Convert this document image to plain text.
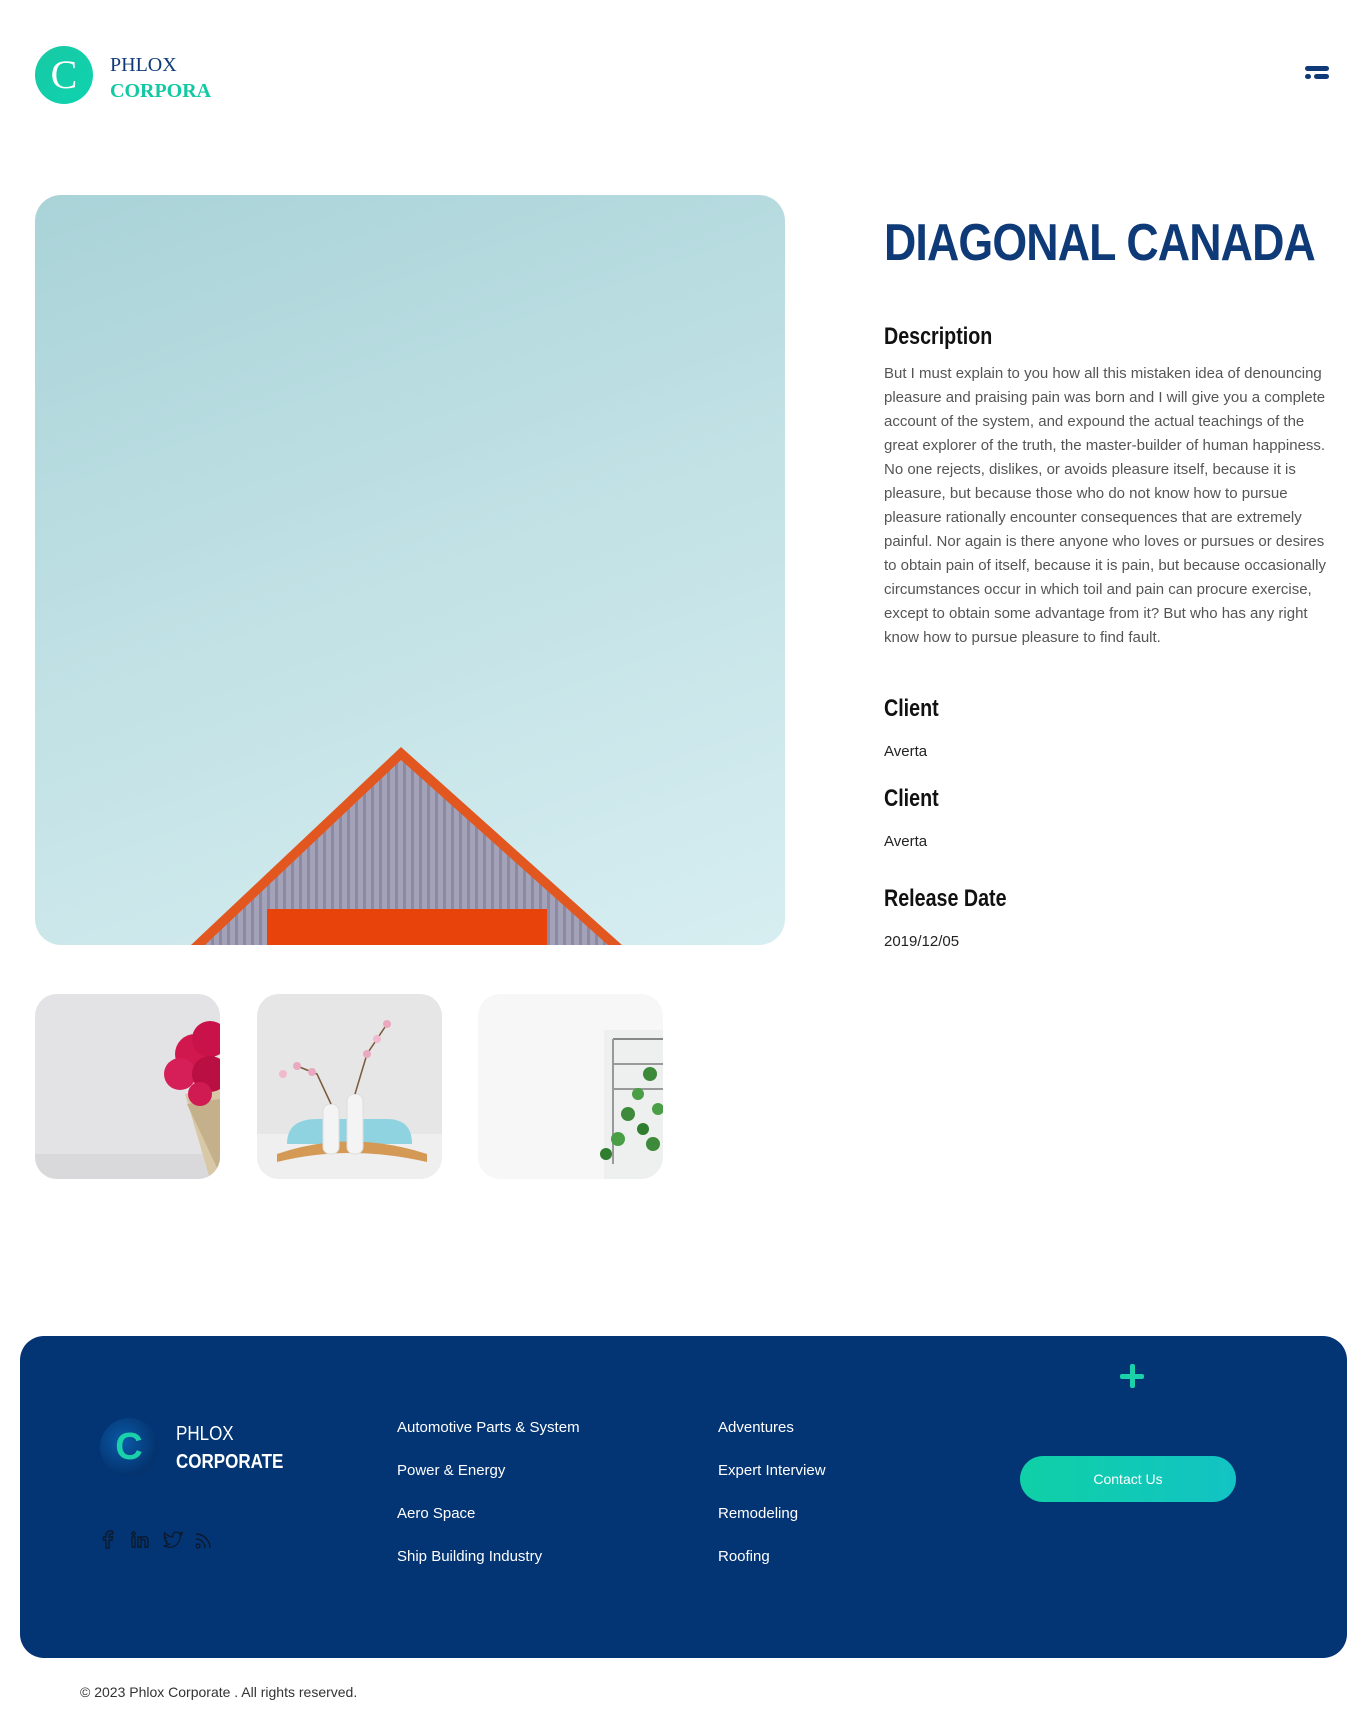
C	PHLOX
CORPORA
DIAGONAL CANADA
Description

But I must explain to you how all this mistaken idea of denouncing pleasure and praising pain was born and I will give you a complete account of the system, and expound the actual teachings of the great explorer of the truth, the master-builder of human happiness. No one rejects, dislikes, or avoids pleasure itself, because it is pleasure, but because those who do not know how to pursue pleasure rationally encounter consequences that are extremely painful. Nor again is there anyone who loves or pursues or desires to obtain pain of itself, because it is pain, but because occasionally circumstances occur in which toil and pain can procure exercise, except to obtain some advantage from it? But who has any right know how to pursue pleasure to find fault.

Client
Averta
Client
Averta
Release Date
2019/12/05
C	PHLOX
CORPORATE
Automotive Parts & System
Power & Energy
Aero Space
Ship Building Industry
Adventures
Expert Interview
Remodeling
Roofing
Contact Us
© 2023 Phlox Corporate . All rights reserved.
